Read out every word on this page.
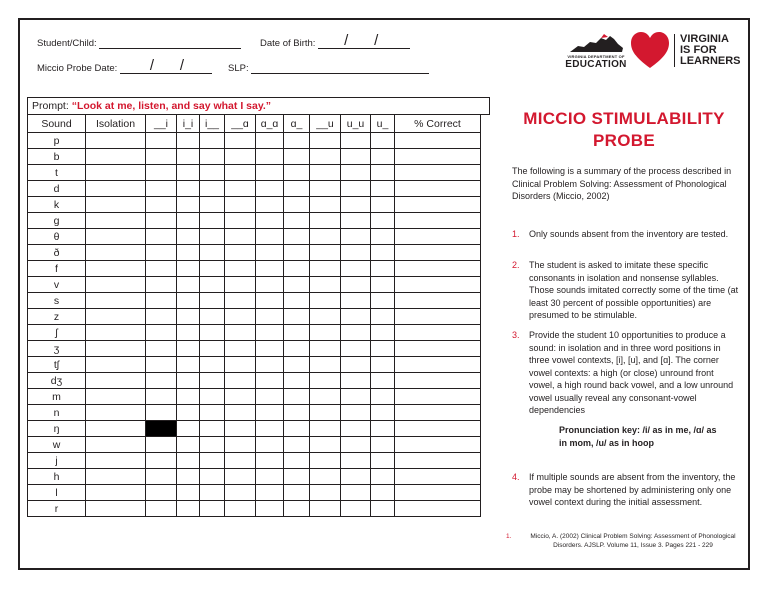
Student/Child:	Date of Birth: / /
Miccio Probe Date: / /	SLP:
VIRGINIA DEPARTMENT OF
EDUCATION
VIRGINIA
IS FOR
LEARNERS
Prompt: “Look at me, listen, and say what I say.”
Sound	Isolation	__i	i_i	i__	__ɑ	ɑ_ɑ	ɑ_	__u	u_u	u_	% Correct
p											
b											
t											
d											
k											
g											
θ											
ð											
f											
v											
s											
z											
ʃ											
ʒ											
tʃ											
dʒ											
m											
n											
ŋ											
w											
j											
h											
l											
r											
MICCIO STIMULABILITY
PROBE
The following is a summary of the process described in Clinical Problem Solving: Assessment of Phonological Disorders (Miccio, 2002)
1. Only sounds absent from the inventory are tested.
2. The student is asked to imitate these specific consonants in isolation and nonsense syllables. Those sounds imitated correctly some of the time (at least 30 percent of possible opportunities) are presumed to be stimulable.
3. Provide the student 10 opportunities to produce a sound: in isolation and in three word positions in three vowel contexts, [i], [u], and [ɑ]. The corner vowel contexts: a high (or close) unround front vowel, a high round back vowel, and a low unround vowel usually reveal any consonant-vowel dependencies
Pronunciation key: /i/ as in me, /ɑ/ as in mom, /u/ as in hoop
4. If multiple sounds are absent from the inventory, the probe may be shortened by administering only one vowel context during the initial assessment.
1.	Miccio, A. (2002) Clinical Problem Solving: Assessment of Phonological Disorders. AJSLP. Volume 11, Issue 3. Pages 221 - 229
